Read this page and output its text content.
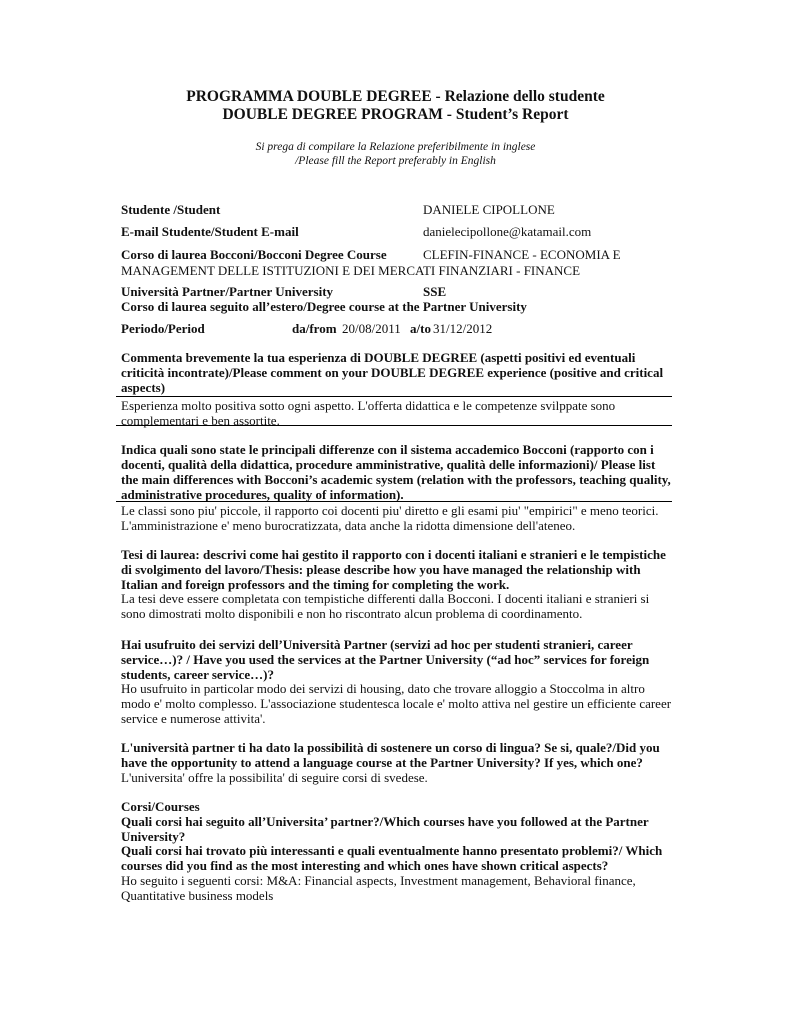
PROGRAMMA DOUBLE DEGREE - Relazione dello studente
DOUBLE DEGREE PROGRAM - Student’s Report
Si prega di compilare la Relazione preferibilmente in inglese
/Please fill the Report preferably in English
Studente /Student	DANIELE CIPOLLONE
E-mail Studente/Student E-mail	danielecipollone@katamail.com
Corso di laurea Bocconi/Bocconi Degree Course	CLEFIN-FINANCE - ECONOMIA E
MANAGEMENT DELLE ISTITUZIONI E DEI MERCATI FINANZIARI - FINANCE
Università Partner/Partner University	SSE
Corso di laurea seguito all’estero/Degree course at the Partner University
Periodo/Period	da/from 20/08/2011 a/to 31/12/2012
Commenta brevemente la tua esperienza di DOUBLE DEGREE (aspetti positivi ed eventuali criticità incontrate)/Please comment on your DOUBLE DEGREE experience (positive and critical aspects)
Esperienza molto positiva sotto ogni aspetto. L'offerta didattica e le competenze svilppate sono complementari e ben assortite.
Indica quali sono state le principali differenze con il sistema accademico Bocconi (rapporto con i docenti, qualità della didattica, procedure amministrative, qualità delle informazioni)/ Please list the main differences with Bocconi’s academic system (relation with the professors, teaching quality, administrative procedures, quality of information).
Le classi sono piu' piccole, il rapporto coi docenti piu' diretto e gli esami piu' "empirici" e meno teorici. L'amministrazione e' meno burocratizzata, data anche la ridotta dimensione dell'ateneo.
Tesi di laurea: descrivi come hai gestito il rapporto con i docenti italiani e stranieri e le tempistiche di svolgimento del lavoro/Thesis: please describe how you have managed the relationship with Italian and foreign professors and the timing for completing the work.
La tesi deve essere completata con tempistiche differenti dalla Bocconi. I docenti italiani e stranieri si sono dimostrati molto disponibili e non ho riscontrato alcun problema di coordinamento.
Hai usufruito dei servizi dell’Università Partner (servizi ad hoc per studenti stranieri, career service…)? / Have you used the services at the Partner University (“ad hoc” services for foreign students, career service…)?
Ho usufruito in particolar modo dei servizi di housing, dato che trovare alloggio a Stoccolma in altro modo e' molto complesso. L'associazione studentesca locale e' molto attiva nel gestire un efficiente career service e numerose attivita'.
L'università partner ti ha dato la possibilità di sostenere un corso di lingua? Se si, quale?/Did you have the opportunity to attend a language course at the Partner University? If yes, which one?
L'universita' offre la possibilita' di seguire corsi di svedese.
Corsi/Courses
Quali corsi hai seguito all’Universita’ partner?/Which courses have you followed at the Partner University?
Quali corsi hai trovato più interessanti e quali eventualmente hanno presentato problemi?/ Which courses did you find as the most interesting and which ones have shown critical aspects?
Ho seguito i seguenti corsi: M&A: Financial aspects, Investment management, Behavioral finance, Quantitative business models
